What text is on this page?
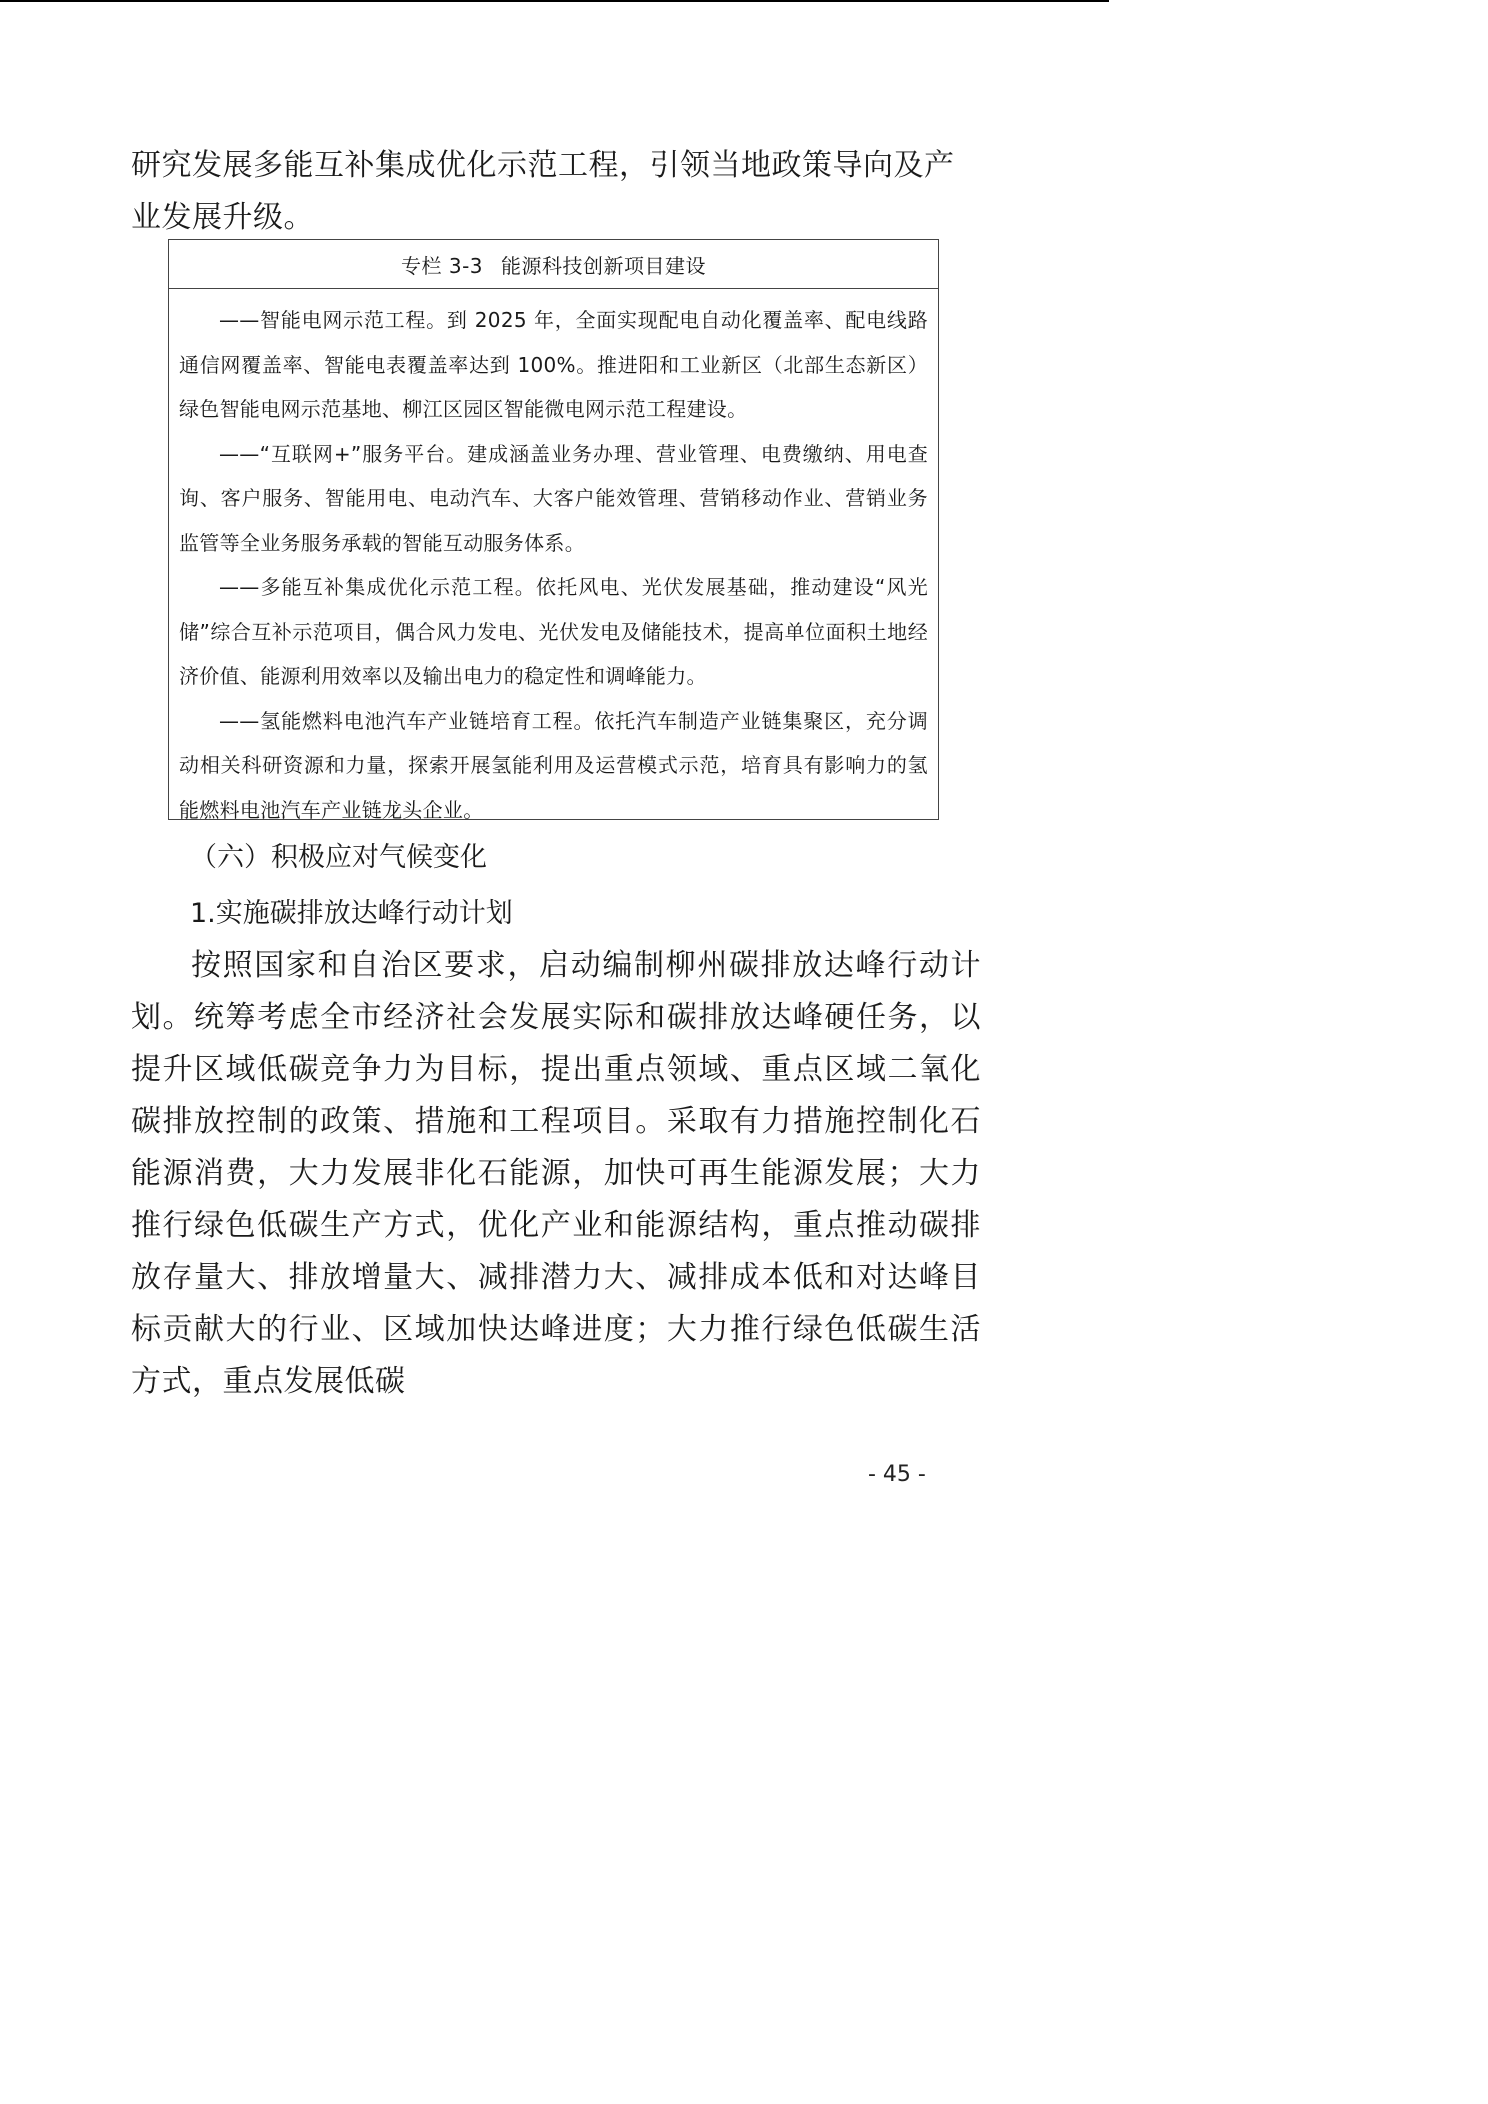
研究发展多能互补集成优化示范工程，引领当地政策导向及产业发展升级。

专栏 3-3 能源科技创新项目建设

——智能电网示范工程。到 2025 年，全面实现配电自动化覆盖率、配电线路通信网覆盖率、智能电表覆盖率达到 100%。推进阳和工业新区（北部生态新区）绿色智能电网示范基地、柳江区园区智能微电网示范工程建设。

——“互联网+”服务平台。建成涵盖业务办理、营业管理、电费缴纳、用电查询、客户服务、智能用电、电动汽车、大客户能效管理、营销移动作业、营销业务监管等全业务服务承载的智能互动服务体系。

——多能互补集成优化示范工程。依托风电、光伏发展基础，推动建设“风光储”综合互补示范项目，偶合风力发电、光伏发电及储能技术，提高单位面积土地经济价值、能源利用效率以及输出电力的稳定性和调峰能力。

——氢能燃料电池汽车产业链培育工程。依托汽车制造产业链集聚区，充分调动相关科研资源和力量，探索开展氢能利用及运营模式示范，培育具有影响力的氢能燃料电池汽车产业链龙头企业。

（六）积极应对气候变化
1.实施碳排放达峰行动计划

按照国家和自治区要求，启动编制柳州碳排放达峰行动计划。统筹考虑全市经济社会发展实际和碳排放达峰硬任务，以提升区域低碳竞争力为目标，提出重点领域、重点区域二氧化碳排放控制的政策、措施和工程项目。采取有力措施控制化石能源消费，大力发展非化石能源，加快可再生能源发展；大力推行绿色低碳生产方式，优化产业和能源结构，重点推动碳排放存量大、排放增量大、减排潜力大、减排成本低和对达峰目标贡献大的行业、区域加快达峰进度；大力推行绿色低碳生活方式，重点发展低碳

- 45 -
